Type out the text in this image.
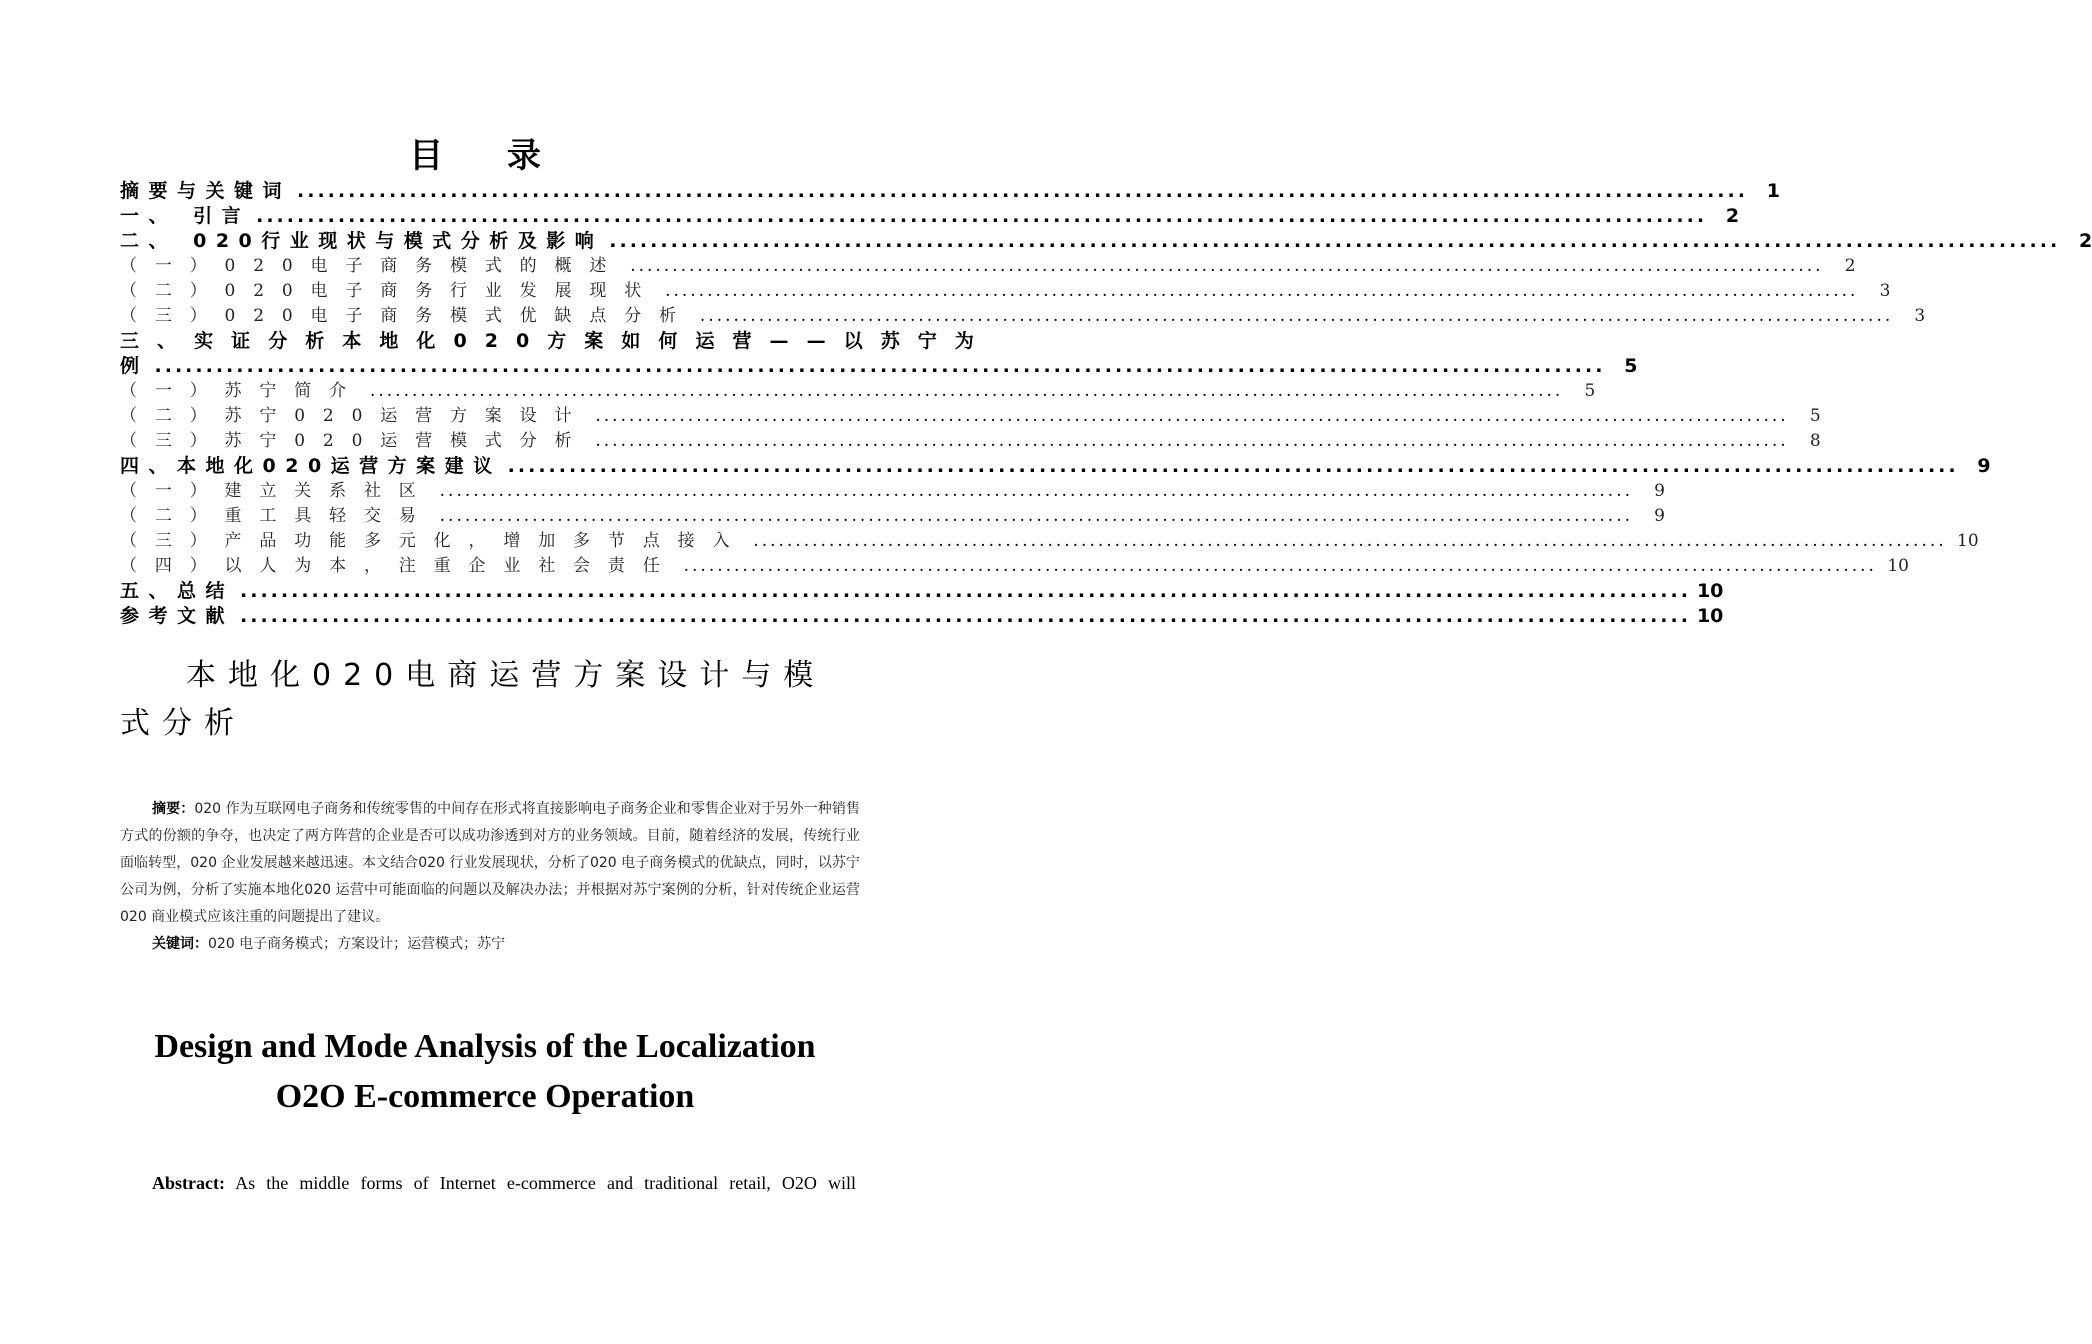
目 录
摘要与关键词 .............................................................................................................................................. 1
一、 引言 .............................................................................................................................................. 2
二、 020行业现状与模式分析及影响 .............................................................................................................................................. 2
（一）020电子商务模式的概述 ..............................................................................................................................................	2
（二）020电子商务行业发展现状 ..............................................................................................................................................	3
（三）020电子商务模式优缺点分析 ..............................................................................................................................................	3
三、实证分析本地化020方案如何运营——以苏宁为
例 .............................................................................................................................................. 5
（一）苏宁简介 ..............................................................................................................................................	5
（二）苏宁020运营方案设计 ..............................................................................................................................................	5
（三）苏宁020运营模式分析 ..............................................................................................................................................	8
四、本地化020运营方案建议 .............................................................................................................................................. 9
（一）建立关系社区 ..............................................................................................................................................	9
（二）重工具轻交易 ..............................................................................................................................................	9
（三）产品功能多元化，增加多节点接入 .............................................................................................................................................. 10
（四）以人为本，注重企业社会责任 .............................................................................................................................................. 10
五、总结 .............................................................................................................................................. 10
参考文献 .............................................................................................................................................. 10
本地化020电商运营方案设计与模式分析

摘要：020 作为互联网电子商务和传统零售的中间存在形式将直接影响电子商务企业和零售企业对于另外一种销售方式的份额的争夺，也决定了两方阵营的企业是否可以成功渗透到对方的业务领域。目前，随着经济的发展，传统行业面临转型，020 企业发展越来越迅速。本文结合020 行业发展现状，分析了020 电子商务模式的优缺点，同时，以苏宁公司为例，分析了实施本地化020 运营中可能面临的问题以及解决办法；并根据对苏宁案例的分析，针对传统企业运营020 商业模式应该注重的问题提出了建议。

关键词：020 电子商务模式；方案设计；运营模式；苏宁

Design and Mode Analysis of the Localization
O2O E-commerce Operation
Abstract: As the middle forms of Internet e-commerce and traditional retail, O2O will
